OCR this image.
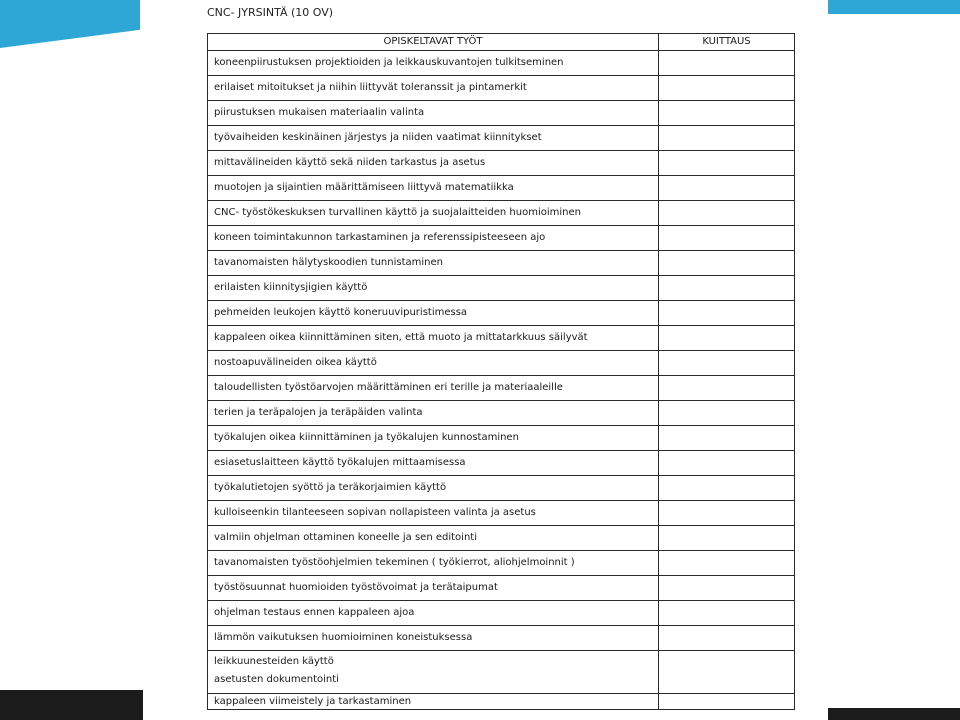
CNC- JYRSINTÄ (10 OV)
OPISKELTAVAT TYÖT	KUITTAUS
koneenpiirustuksen projektioiden ja leikkauskuvantojen tulkitseminen	
erilaiset mitoitukset ja niihin liittyvät toleranssit ja pintamerkit	
piirustuksen mukaisen materiaalin valinta	
työvaiheiden keskinäinen järjestys ja niiden vaatimat kiinnitykset	
mittavälineiden käyttö sekä niiden tarkastus ja asetus	
muotojen ja sijaintien määrittämiseen liittyvä matematiikka	
CNC- työstökeskuksen turvallinen käyttö ja suojalaitteiden huomioiminen	
koneen toimintakunnon tarkastaminen ja referenssipisteeseen ajo	
tavanomaisten hälytyskoodien tunnistaminen	
erilaisten kiinnitysjigien käyttö	
pehmeiden leukojen käyttö koneruuvipuristimessa	
kappaleen oikea kiinnittäminen siten, että muoto ja mittatarkkuus säilyvät	
nostoapuvälineiden oikea käyttö	
taloudellisten työstöarvojen määrittäminen eri terille ja materiaaleille	
terien ja teräpalojen ja teräpäiden valinta	
työkalujen oikea kiinnittäminen ja työkalujen kunnostaminen	
esiasetuslaitteen käyttö työkalujen mittaamisessa	
työkalutietojen syöttö ja teräkorjaimien käyttö	
kulloiseenkin tilanteeseen sopivan nollapisteen valinta ja asetus	
valmiin ohjelman ottaminen koneelle ja sen editointi	
tavanomaisten työstöohjelmien tekeminen ( työkierrot, aliohjelmoinnit )	
työstösuunnat huomioiden työstövoimat ja terätaipumat	
ohjelman testaus ennen kappaleen ajoa	
lämmön vaikutuksen huomioiminen koneistuksessa	

leikkuunesteiden käyttö
asetusten dokumentointi	

kappaleen viimeistely ja tarkastaminen	
